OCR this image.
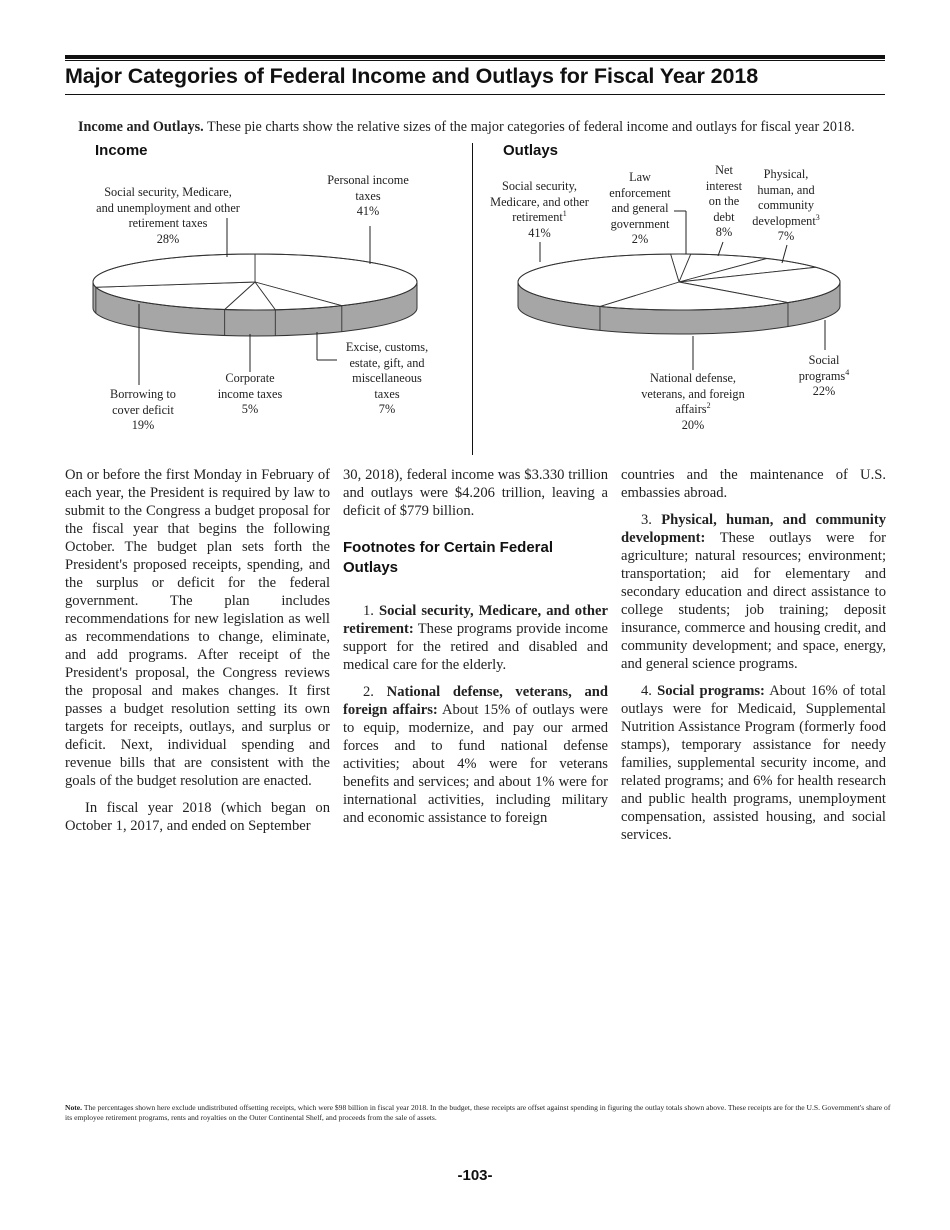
Major Categories of Federal Income and Outlays for Fiscal Year 2018
Income and Outlays. These pie charts show the relative sizes of the major categories of federal income and outlays for fiscal year 2018.
Income	Outlays
Personal income
taxes
41%
Excise, customs,
estate, gift, and
miscellaneous
taxes
7%
Corporate
income taxes
5%
Borrowing to
cover deficit
19%
Social security, Medicare,
and unemployment and other
retirement taxes
28%
Law
enforcement
and general
government
2%
Net
interest
on the
debt
8%
Physical,
human, and
community
development$^3$
7%
Social
programs$^4$
22%
National defense,
veterans, and foreign
affairs$^2$
20%
Social security,
Medicare, and other
retirement$^1$
41%

On or before the first Monday in February of each year, the President is required by law to submit to the Congress a budget proposal for the fiscal year that begins the following October. The budget plan sets forth the President's proposed receipts, spending, and the surplus or deficit for the federal government. The plan includes recommendations for new legislation as well as recommendations to change, eliminate, and add programs. After receipt of the President's proposal, the Congress reviews the proposal and makes changes. It first passes a budget resolution setting its own targets for receipts, outlays, and surplus or deficit. Next, individual spending and revenue bills that are consistent with the goals of the budget resolution are enacted.

In fiscal year 2018 (which began on October 1, 2017, and ended on September

30, 2018), federal income was $3.330 trillion and outlays were $4.206 trillion, leaving a deficit of $779 billion.

Footnotes for Certain Federal Outlays

1. Social security, Medicare, and other retirement: These programs provide income support for the retired and disabled and medical care for the elderly.

2. National defense, veterans, and foreign affairs: About 15% of outlays were to equip, modernize, and pay our armed forces and to fund national defense activities; about 4% were for veterans benefits and services; and about 1% were for international activities, including military and economic assistance to foreign

countries and the maintenance of U.S. embassies abroad.

3. Physical, human, and community development: These outlays were for agriculture; natural resources; environment; transportation; aid for elementary and secondary education and direct assistance to college students; job training; deposit insurance, commerce and housing credit, and community development; and space, energy, and general science programs.

4. Social programs: About 16% of total outlays were for Medicaid, Supplemental Nutrition Assistance Program (formerly food stamps), temporary assistance for needy families, supplemental security income, and related programs; and 6% for health research and public health programs, unemployment compensation, assisted housing, and social services.

Note. The percentages shown here exclude undistributed offsetting receipts, which were $98 billion in fiscal year 2018. In the budget, these receipts are offset against spending in figuring the outlay totals shown above. These receipts are for the U.S. Government's share of its employee retirement programs, rents and royalties on the Outer Continental Shelf, and proceeds from the sale of assets.
-103-
